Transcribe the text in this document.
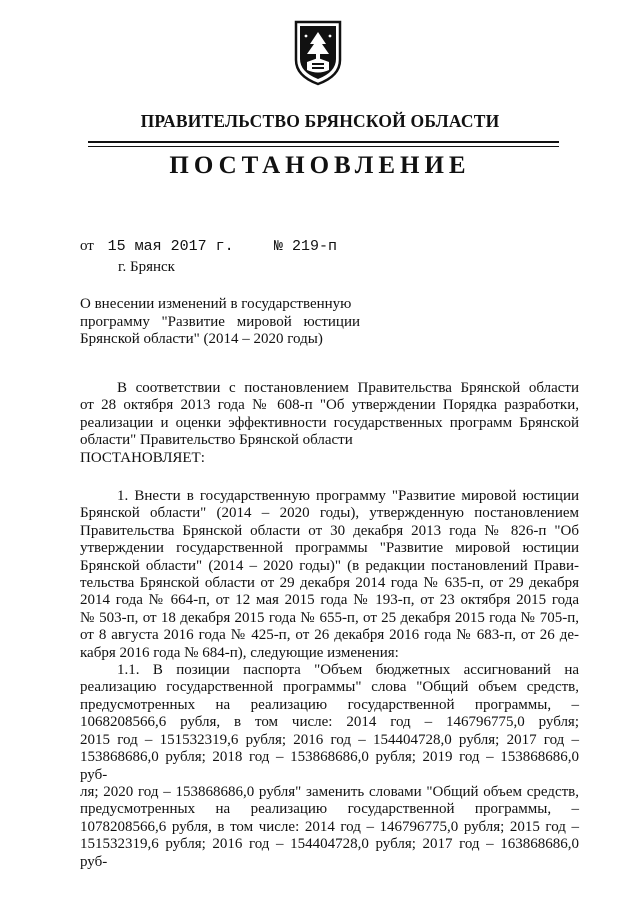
ПРАВИТЕЛЬСТВО БРЯНСКОЙ ОБЛАСТИ
ПОСТАНОВЛЕНИЕ
от 15 мая 2017 г.	№ 219-п
г. Брянск
О внесении изменений в государственную
программу "Развитие мировой юстиции
Брянской области" (2014 – 2020 годы)
В соответствии с постановлением Правительства Брянской области
от 28 октября 2013 года № 608-п "Об утверждении Порядка разработки,
реализации и оценки эффективности государственных программ Брянской
области" Правительство Брянской области
ПОСТАНОВЛЯЕТ:
1. Внести в государственную программу "Развитие мировой юстиции
Брянской области" (2014 – 2020 годы), утвержденную постановлением
Правительства Брянской области от 30 декабря 2013 года № 826-п "Об
утверждении государственной программы "Развитие мировой юстиции
Брянской области" (2014 – 2020 годы)" (в редакции постановлений Прави-
тельства Брянской области от 29 декабря 2014 года № 635-п, от 29 декабря
2014 года № 664-п, от 12 мая 2015 года № 193-п, от 23 октября 2015 года
№ 503-п, от 18 декабря 2015 года № 655-п, от 25 декабря 2015 года № 705-п,
от 8 августа 2016 года № 425-п, от 26 декабря 2016 года № 683-п, от 26 де-
кабря 2016 года № 684-п), следующие изменения:
1.1. В позиции паспорта "Объем бюджетных ассигнований на
реализацию государственной программы" слова "Общий объем средств,
предусмотренных на реализацию государственной программы, –
1068208566,6 рубля, в том числе: 2014 год – 146796775,0 рубля;
2015 год – 151532319,6 рубля; 2016 год – 154404728,0 рубля; 2017 год –
153868686,0 рубля; 2018 год – 153868686,0 рубля; 2019 год – 153868686,0 руб-
ля; 2020 год – 153868686,0 рубля" заменить словами "Общий объем средств,
предусмотренных на реализацию государственной программы, –
1078208566,6 рубля, в том числе: 2014 год – 146796775,0 рубля; 2015 год –
151532319,6 рубля; 2016 год – 154404728,0 рубля; 2017 год – 163868686,0 руб-
